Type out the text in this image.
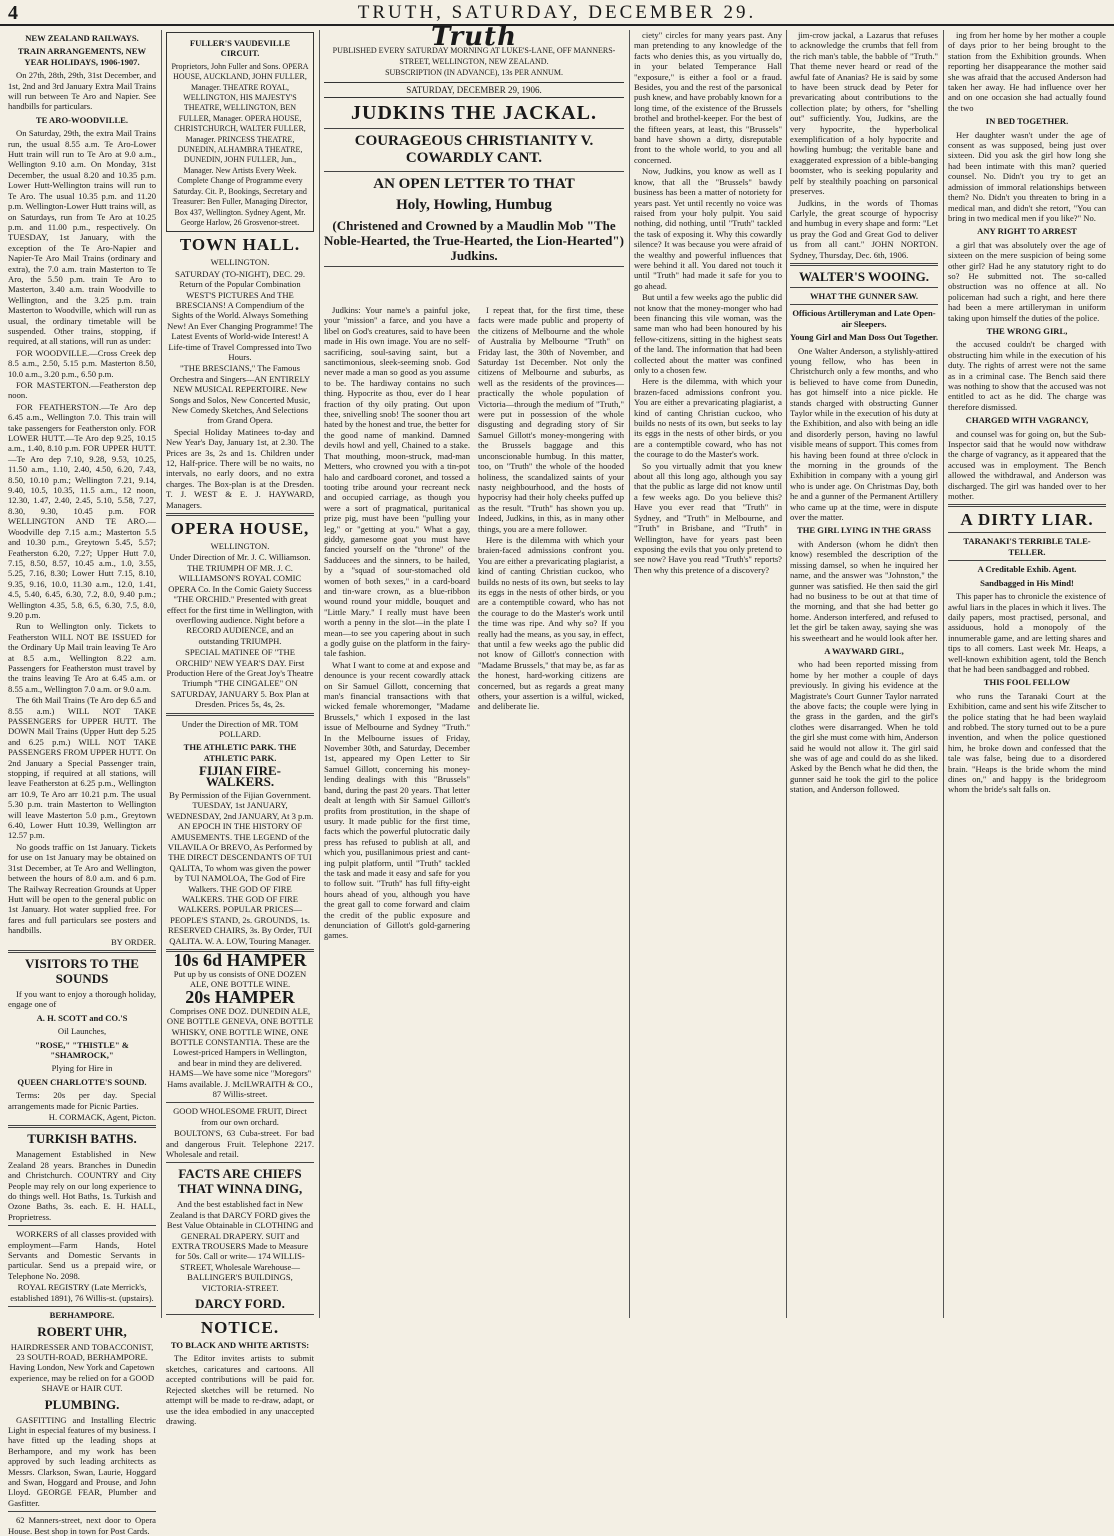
4	TRUTH, SATURDAY, DECEMBER 29.

NEW ZEALAND RAILWAYS.

TRAIN ARRANGEMENTS, NEW YEAR HOLIDAYS, 1906-1907.

On 27th, 28th, 29th, 31st December, and 1st, 2nd and 3rd January Extra Mail Trains will run between Te Aro and Napier. See handbills for particulars.

TE ARO-WOODVILLE.

On Saturday, 29th, the extra Mail Trains run, the usual 8.55 a.m. Te Aro-Lower Hutt train will run to Te Aro at 9.0 a.m., Wellington 9.10 a.m. On Monday, 31st December, the usual 8.20 and 10.35 p.m. Lower Hutt-Wellington trains will run to Te Aro. The usual 10.35 p.m. and 11.20 p.m. Wellington-Lower Hutt trains will, as on Saturdays, run from Te Aro at 10.25 p.m. and 11.00 p.m., respectively. On TUESDAY, 1st January, with the exception of the Te Aro-Napier and Napier-Te Aro Mail Trains (ordinary and extra), the 7.0 a.m. train Masterton to Te Aro, the 5.50 p.m. train Te Aro to Masterton, 3.40 a.m. train Woodville to Wellington, and the 3.25 p.m. train Masterton to Woodville, which will run as usual, the ordinary timetable will be suspended. Other trains, stopping, if required, at all stations, will run as under:

FOR WOODVILLE.—Cross Creek dep 8.5 a.m., 2.50, 5.15 p.m. Masterton 8.50, 10.0 a.m., 3.20 p.m., 6.50 p.m.

FOR MASTERTON.—Featherston dep noon.

FOR FEATHERSTON.—Te Aro dep 6.45 a.m., Wellington 7.0. This train will take passengers for Featherston only. FOR LOWER HUTT.—Te Aro dep 9.25, 10.15 a.m., 1.40, 8.10 p.m. FOR UPPER HUTT.—Te Aro dep 7.10, 9.28, 9.53, 10.25, 11.50 a.m., 1.10, 2.40, 4.50, 6.20, 7.43, 8.50, 10.10 p.m.; Wellington 7.21, 9.14, 9.40, 10.5, 10.35, 11.5 a.m., 12 noon, 12.30, 1.47, 2.40, 2.45, 5.10, 5.58, 7.27, 8.30, 9.30, 10.45 p.m. FOR WELLINGTON AND TE ARO.—Woodville dep 7.15 a.m.; Masterton 5.5 and 10.30 p.m., Greytown 5.45, 5.57; Featherston 6.20, 7.27; Upper Hutt 7.0, 7.15, 8.50, 8.57, 10.45 a.m., 1.0, 3.55, 5.25, 7.16, 8.30; Lower Hutt 7.15, 8.10, 9.35, 9.16, 10.0, 11.30 a.m., 12.0, 1.41, 4.5, 5.40, 6.45, 6.30, 7.2, 8.0, 9.40 p.m.; Wellington 4.35, 5.8, 6.5, 6.30, 7.5, 8.0, 9.20 p.m.

Run to Wellington only. Tickets to Featherston WILL NOT BE ISSUED for the Ordinary Up Mail train leaving Te Aro at 8.5 a.m., Wellington 8.22 a.m. Passengers for Featherston must travel by the trains leaving Te Aro at 6.45 a.m. or 8.55 a.m., Wellington 7.0 a.m. or 9.0 a.m.

The 6th Mail Trains (Te Aro dep 6.5 and 8.55 a.m.) WILL NOT TAKE PASSENGERS for UPPER HUTT. The DOWN Mail Trains (Upper Hutt dep 5.25 and 6.25 p.m.) WILL NOT TAKE PASSENGERS FROM UPPER HUTT. On 2nd January a Special Passenger train, stopping, if required at all stations, will leave Featherston at 6.25 p.m., Wellington arr 10.9, Te Aro arr 10.21 p.m. The usual 5.30 p.m. train Masterton to Wellington will leave Masterton 5.0 p.m., Greytown 6.40, Lower Hutt 10.39, Wellington arr 12.57 p.m.

No goods traffic on 1st January. Tickets for use on 1st January may be obtained on 31st December, at Te Aro and Wellington, between the hours of 8.0 a.m. and 6 p.m. The Railway Recreation Grounds at Upper Hutt will be open to the general public on 1st January. Hot water supplied free. For fares and full particulars see posters and handbills.

BY ORDER.

VISITORS TO THE SOUNDS

If you want to enjoy a thorough holiday, engage one of

A. H. SCOTT and CO.'S

Oil Launches,

"ROSE," "THISTLE" & "SHAMROCK,"

Plying for Hire in

QUEEN CHARLOTTE'S SOUND.

Terms: 20s per day. Special arrangements made for Picnic Parties.

H. CORMACK, Agent, Picton.

TURKISH BATHS.

Management Established in New Zealand 28 years. Branches in Dunedin and Christchurch. COUNTRY and City People may rely on our long experience to do things well. Hot Baths, 1s. Turkish and Ozone Baths, 3s. each. E. H. HALL, Proprietress.

WORKERS of all classes provided with employment—Farm Hands, Hotel Servants and Domestic Servants in particular. Send us a prepaid wire, or Telephone No. 2098.

ROYAL REGISTRY (Late Merrick's, established 1891), 76 Willis-st. (upstairs).

BERHAMPORE.

ROBERT UHR,

HAIRDRESSER AND TOBACCONIST, 23 SOUTH-ROAD, BERHAMPORE. Having London, New York and Capetown experience, may be relied on for a GOOD SHAVE or HAIR CUT.

PLUMBING.

GASFITTING and Installing Electric Light in especial features of my business. I have fitted up the leading shops at Berhampore, and my work has been approved by such leading architects as Messrs. Clarkson, Swan, Laurie, Hoggard and Swan, Hoggard and Prouse, and John Lloyd. GEORGE FEAR, Plumber and Gasfitter.

62 Manners-street, next door to Opera House. Best shop in town for Post Cards.

FULLER'S VAUDEVILLE CIRCUIT.

Proprietors, John Fuller and Sons. OPERA HOUSE, AUCKLAND, JOHN FULLER, Manager. THEATRE ROYAL, WELLINGTON, HIS MAJESTY'S THEATRE, WELLINGTON, BEN FULLER, Manager. OPERA HOUSE, CHRISTCHURCH, WALTER FULLER, Manager. PRINCESS THEATRE, DUNEDIN, ALHAMBRA THEATRE, DUNEDIN, JOHN FULLER, Jun., Manager. New Artists Every Week. Complete Change of Programme every Saturday. Cit. P., Bookings, Secretary and Treasurer: Ben Fuller, Managing Director, Box 437, Wellington. Sydney Agent, Mr. George Harlow, 26 Grosvenor-street.

TOWN HALL.

WELLINGTON.

SATURDAY (TO-NIGHT), DEC. 29. Return of the Popular Combination WEST'S PICTURES And THE BRESCIANS! A Compendium of the Sights of the World. Always Something New! An Ever Changing Programme! The Latest Events of World-wide Interest! A Life-time of Travel Compressed into Two Hours.

"THE BRESCIANS," The Famous Orchestra and Singers—AN ENTIRELY NEW MUSICAL REPERTOIRE. New Songs and Solos, New Concerted Music, New Comedy Sketches, And Selections from Grand Opera.

Special Holiday Matinees to-day and New Year's Day, January 1st, at 2.30. The Prices are 3s, 2s and 1s. Children under 12, Half-price. There will be no waits, no intervals, no early doors, and no extra charges. The Box-plan is at the Dresden. T. J. WEST & E. J. HAYWARD, Managers.

OPERA HOUSE,

WELLINGTON.

Under Direction of Mr. J. C. Williamson. THE TRIUMPH OF MR. J. C. WILLIAMSON'S ROYAL COMIC OPERA Co. In the Comic Gaiety Success "THE ORCHID." Presented with great effect for the first time in Wellington, with overflowing audience. Night before a RECORD AUDIENCE, and an outstanding TRIUMPH.

SPECIAL MATINEE OF "THE ORCHID" NEW YEAR'S DAY. First Production Here of the Great Joy's Theatre Triumph "THE CINGALEE" ON SATURDAY, JANUARY 5. Box Plan at Dresden. Prices 5s, 4s, 2s.

Under the Direction of MR. TOM POLLARD.

THE ATHLETIC PARK. THE ATHLETIC PARK.

FIJIAN FIRE-WALKERS.

By Permission of the Fijian Government. TUESDAY, 1st JANUARY, WEDNESDAY, 2nd JANUARY, At 3 p.m. AN EPOCH IN THE HISTORY OF AMUSEMENTS. THE LEGEND of the VILAVILA Or BREVO, As Performed by THE DIRECT DESCENDANTS OF TUI QALITA, To whom was given the power by TUI NAMOLOA, The God of Fire Walkers. THE GOD OF FIRE WALKERS. THE GOD OF FIRE WALKERS. POPULAR PRICES—PEOPLE'S STAND, 2s. GROUNDS, 1s. RESERVED CHAIRS, 3s. By Order, TUI QALITA. W. A. LOW, Touring Manager.

10s 6d HAMPER

Put up by us consists of ONE DOZEN ALE, ONE BOTTLE WINE.

20s HAMPER

Comprises ONE DOZ. DUNEDIN ALE, ONE BOTTLE GENEVA, ONE BOTTLE WHISKY, ONE BOTTLE WINE, ONE BOTTLE CONSTANTIA. These are the Lowest-priced Hampers in Wellington, and bear in mind they are delivered. HAMS—We have some nice "Moregors" Hams available. J. McILWRAITH & CO., 87 Willis-street.

GOOD WHOLESOME FRUIT, Direct from our own orchard.

BOULTON'S, 63 Cuba-street. For bad and dangerous Fruit. Telephone 2217. Wholesale and retail.

FACTS ARE CHIEFS THAT WINNA DING,

And the best established fact in New Zealand is that DARCY FORD gives the Best Value Obtainable in CLOTHING and GENERAL DRAPERY. SUIT and EXTRA TROUSERS Made to Measure for 50s. Call or write— 174 WILLIS-STREET, Wholesale Warehouse— BALLINGER'S BUILDINGS, VICTORIA-STREET.

DARCY FORD.

NOTICE.

TO BLACK AND WHITE ARTISTS:

The Editor invites artists to submit sketches, caricatures and cartoons. All accepted contributions will be paid for. Rejected sketches will be returned. No attempt will be made to re-draw, adapt, or use the idea embodied in any unaccepted drawing.

Truth

PUBLISHED EVERY SATURDAY MORNING AT LUKE'S-LANE, OFF MANNERS-STREET, WELLINGTON, NEW ZEALAND.

SUBSCRIPTION (IN ADVANCE), 13s PER ANNUM.

SATURDAY, DECEMBER 29, 1906.
JUDKINS THE JACKAL.
COURAGEOUS CHRISTIANITY V. COWARDLY CANT.
AN OPEN LETTER TO THAT
Holy, Howling, Humbug
(Christened and Crowned by a Maudlin Mob "The Noble-Hearted, the True-Hearted, the Lion-Hearted") Judkins.

Judkins: Your name's a painful joke, your "mission" a farce, and you have a libel on God's creatures, said to have been made in His own image. You are no self-sacrificing, soul-saving saint, but a sanctimonious, sleek-seeming snob. God never made a man so good as you assume to be. The hardiway contains no such thing. Hypocrite as thou, ever do I hear fraction of thy oily prating. Out upon thee, snivelling snob! The sooner thou art hated by the honest and true, the better for the good name of mankind. Damned devils howl and yell, Chained to a stake. That mouthing, moon-struck, mad-man Metters, who crowned you with a tin-pot halo and cardboard coronet, and tossed a tooting tribe around your recreant neck and occupied carriage, as though you were a sort of pragmatical, puritanical prize pig, must have been "pulling your leg," or "getting at you." What a gay, giddy, gamesome goat you must have fancied yourself on the "throne" of the Sadducees and the sinners, to be hailed, by a "squad of sour-stomached old women of both sexes," in a card-board and tin-ware crown, as a blue-ribbon wound round your middle, bouquet and "Little Mary." I really must have been worth a penny in the slot—in the plate I mean—to see you capering about in such a godly guise on the platform in the fairy-tale fashion.

What I want to come at and expose and denounce is your recent cowardly attack on Sir Samuel Gillott, concerning that man's financial transactions with that wicked female whoremonger, "Madame Brussels," which I exposed in the last issue of Melbourne and Sydney "Truth." In the Melbourne issues of Friday, November 30th, and Saturday, December 1st, appeared my Open Letter to Sir Samuel Gillott, concerning his money-lending dealings with this "Brussels" band, during the past 20 years. That letter dealt at length with Sir Samuel Gillott's profits from prostitution, in the shape of usury. It made public for the first time, facts which the powerful plutocratic daily press has refused to publish at all, and which you, pusillanimous priest and cant-ing pulpit platform, until "Truth" tackled the task and made it easy and safe for you to follow suit. "Truth" has full fifty-eight hours ahead of you, although you have the great gall to come forward and claim the credit of the public exposure and denunciation of Gillott's gold-garnering games.

I repeat that, for the first time, these facts were made public and property of the citizens of Melbourne and the whole of Australia by Melbourne "Truth" on Friday last, the 30th of November, and Saturday 1st December. Not only the citizens of Melbourne and suburbs, as well as the residents of the provinces—practically the whole population of Victoria—through the medium of "Truth," were put in possession of the whole disgusting and degrading story of Sir Samuel Gillott's money-mongering with the Brussels baggage and this unconscionable humbug. In this matter, too, on "Truth" the whole of the hooded holiness, the scandalized saints of your nasty neighbourhood, and the hosts of hypocrisy had their holy cheeks puffed up as the result. "Truth" has shown you up. Indeed, Judkins, in this, as in many other things, you are a mere follower.

Here is the dilemma with which your braien-faced admissions confront you. You are either a prevaricating plagiarist, a kind of canting Christian cuckoo, who builds no nests of its own, but seeks to lay its eggs in the nests of other birds, or you are a contemptible coward, who has not the courage to do the Master's work until the time was ripe. And why so? If you really had the means, as you say, in effect, that until a few weeks ago the public did not know of Gillott's connection with "Madame Brussels," that may be, as far as the honest, hard-working citizens are concerned, but as regards a great many others, your assertion is a wilful, wicked, and deliberate lie.

ciety" circles for many years past. Any man pretending to any knowledge of the facts who denies this, as you virtually do, in your belated Temperance Hall "exposure," is either a fool or a fraud. Besides, you and the rest of the parsonical push knew, and have probably known for a long time, of the existence of the Brussels brothel and brothel-keeper. For the best of the fifteen years, at least, this "Brussels" band have shown a dirty, disreputable front to the whole world, to you and all concerned.

Now, Judkins, you know as well as I know, that all the "Brussels" bawdy business has been a matter of notoriety for years past. Yet until recently no voice was raised from your holy pulpit. You said nothing, did nothing, until "Truth" tackled the task of exposing it. Why this cowardly silence? It was because you were afraid of the wealthy and powerful influences that were behind it all. You dared not touch it until "Truth" had made it safe for you to go ahead.

But until a few weeks ago the public did not know that the money-monger who had been financing this vile woman, was the same man who had been honoured by his fellow-citizens, sitting in the highest seats of the land. The information that had been collected about the matter was confined only to a chosen few.

Here is the dilemma, with which your brazen-faced admissions confront you. You are either a prevaricating plagiarist, a kind of canting Christian cuckoo, who builds no nests of its own, but seeks to lay its eggs in the nests of other birds, or you are a contemptible coward, who has not the courage to do the Master's work.

So you virtually admit that you knew about all this long ago, although you say that the public as large did not know until a few weeks ago. Do you believe this? Have you ever read that "Truth" in Sydney, and "Truth" in Melbourne, and "Truth" in Brisbane, and "Truth" in Wellington, have for years past been exposing the evils that you only pretend to see now? Have you read "Truth's" reports? Then why this pretence of a discovery?

jim-crow jackal, a Lazarus that refuses to acknowledge the crumbs that fell from the rich man's table, the babble of "Truth." That theme never heard or read of the awful fate of Ananias? He is said by some to have been struck dead by Peter for prevaricating about contributions to the collection plate; by others, for "shelling out" sufficiently. You, Judkins, are the very hypocrite, the hyperbolical exemplification of a holy hypocrite and howling humbug; the veritable bane and exaggerated expression of a bible-banging boomster, who is seeking popularity and pelf by stealthily poaching on parsonical preserves.

Judkins, in the words of Thomas Carlyle, the great scourge of hypocrisy and humbug in every shape and form: "Let us pray the God and Great God to deliver us from all cant." JOHN NORTON. Sydney, Thursday, Dec. 6th, 1906.

WALTER'S WOOING.

WHAT THE GUNNER SAW.

Officious Artilleryman and Late Open-air Sleepers.

Young Girl and Man Doss Out Together.

One Walter Anderson, a stylishly-attired young fellow, who has been in Christchurch only a few months, and who is believed to have come from Dunedin, has got himself into a nice pickle. He stands charged with obstructing Gunner Taylor while in the execution of his duty at the Exhibition, and also with being an idle and disorderly person, having no lawful visible means of support. This comes from his having been found at three o'clock in the morning in the grounds of the Exhibition in company with a young girl who is under age. On Christmas Day, both he and a gunner of the Permanent Artillery who came up at the time, were in dispute over the matter.

THE GIRL LYING IN THE GRASS

with Anderson (whom he didn't then know) resembled the description of the missing damsel, so when he inquired her name, and the answer was "Johnston," the gunner was satisfied. He then said the girl had no business to be out at that time of the morning, and that she had better go home. Anderson interfered, and refused to let the girl be taken away, saying she was his sweetheart and he would look after her.

A WAYWARD GIRL,

who had been reported missing from home by her mother a couple of days previously. In giving his evidence at the Magistrate's Court Gunner Taylor narrated the above facts; the couple were lying in the grass in the garden, and the girl's clothes were disarranged. When he told the girl she must come with him, Anderson said he would not allow it. The girl said she was of age and could do as she liked. Asked by the Bench what he did then, the gunner said he took the girl to the police station, and Anderson followed.

ing from her home by her mother a couple of days prior to her being brought to the station from the Exhibition grounds. When reporting her disappearance the mother said she was afraid that the accused Anderson had taken her away. He had influence over her and on one occasion she had actually found the two

IN BED TOGETHER.

Her daughter wasn't under the age of consent as was supposed, being just over sixteen. Did you ask the girl how long she had been intimate with this man? queried counsel. No. Didn't you try to get an admission of immoral relationships between them? No. Didn't you threaten to bring in a medical man, and didn't she retort, "You can bring in two medical men if you like?" No.

ANY RIGHT TO ARREST

a girl that was absolutely over the age of sixteen on the mere suspicion of being some other girl? Had he any statutory right to do so? He submitted not. The so-called obstruction was no offence at all. No policeman had such a right, and here there had been a mere artilleryman in uniform taking upon himself the duties of the police.

THE WRONG GIRL,

the accused couldn't be charged with obstructing him while in the execution of his duty. The rights of arrest were not the same as in a criminal case. The Bench said there was nothing to show that the accused was not entitled to act as he did. The charge was therefore dismissed.

CHARGED WITH VAGRANCY,

and counsel was for going on, but the Sub-Inspector said that he would now withdraw the charge of vagrancy, as it appeared that the accused was in employment. The Bench allowed the withdrawal, and Anderson was discharged. The girl was handed over to her mother.

A DIRTY LIAR.

TARANAKI'S TERRIBLE TALE-TELLER.

A Creditable Exhib. Agent.

Sandbagged in His Mind!

This paper has to chronicle the existence of awful liars in the places in which it lives. The daily papers, most practised, personal, and assiduous, hold a monopoly of the innumerable game, and are letting shares and tips to all comers. Last week Mr. Heaps, a well-known exhibition agent, told the Bench that he had been sandbagged and robbed.

THIS FOOL FELLOW

who runs the Taranaki Court at the Exhibition, came and sent his wife Zitscher to the police stating that he had been waylaid and robbed. The story turned out to be a pure invention, and when the police questioned him, he broke down and confessed that the tale was false, being due to a disordered brain. "Heaps is the bride whom the mind dines on," and happy is the bridegroom whom the bride's salt falls on.
